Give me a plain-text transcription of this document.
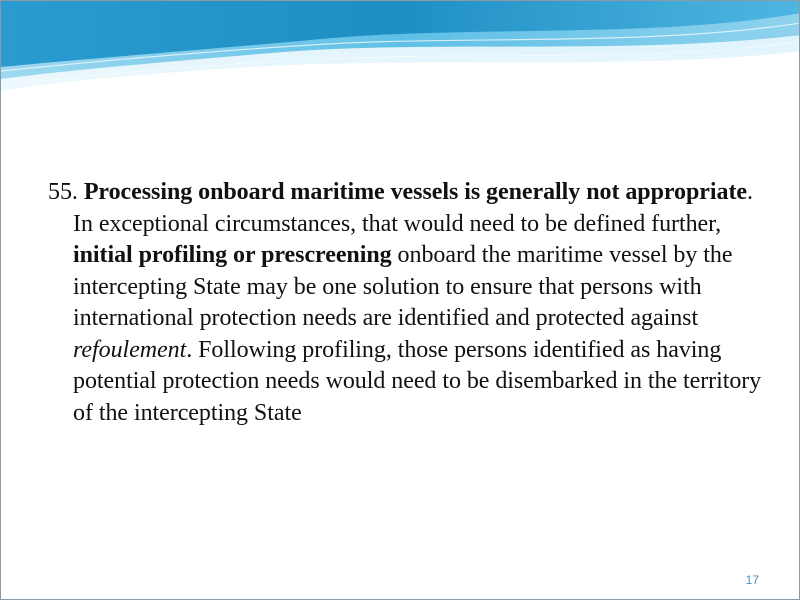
55. Processing onboard maritime vessels is generally not appropriate. In exceptional circumstances, that would need to be defined further, initial profiling or prescreening onboard the maritime vessel by the intercepting State may be one solution to ensure that persons with international protection needs are identified and protected against refoulement. Following profiling, those persons identified as having potential protection needs would need to be disembarked in the territory of the intercepting State

17
